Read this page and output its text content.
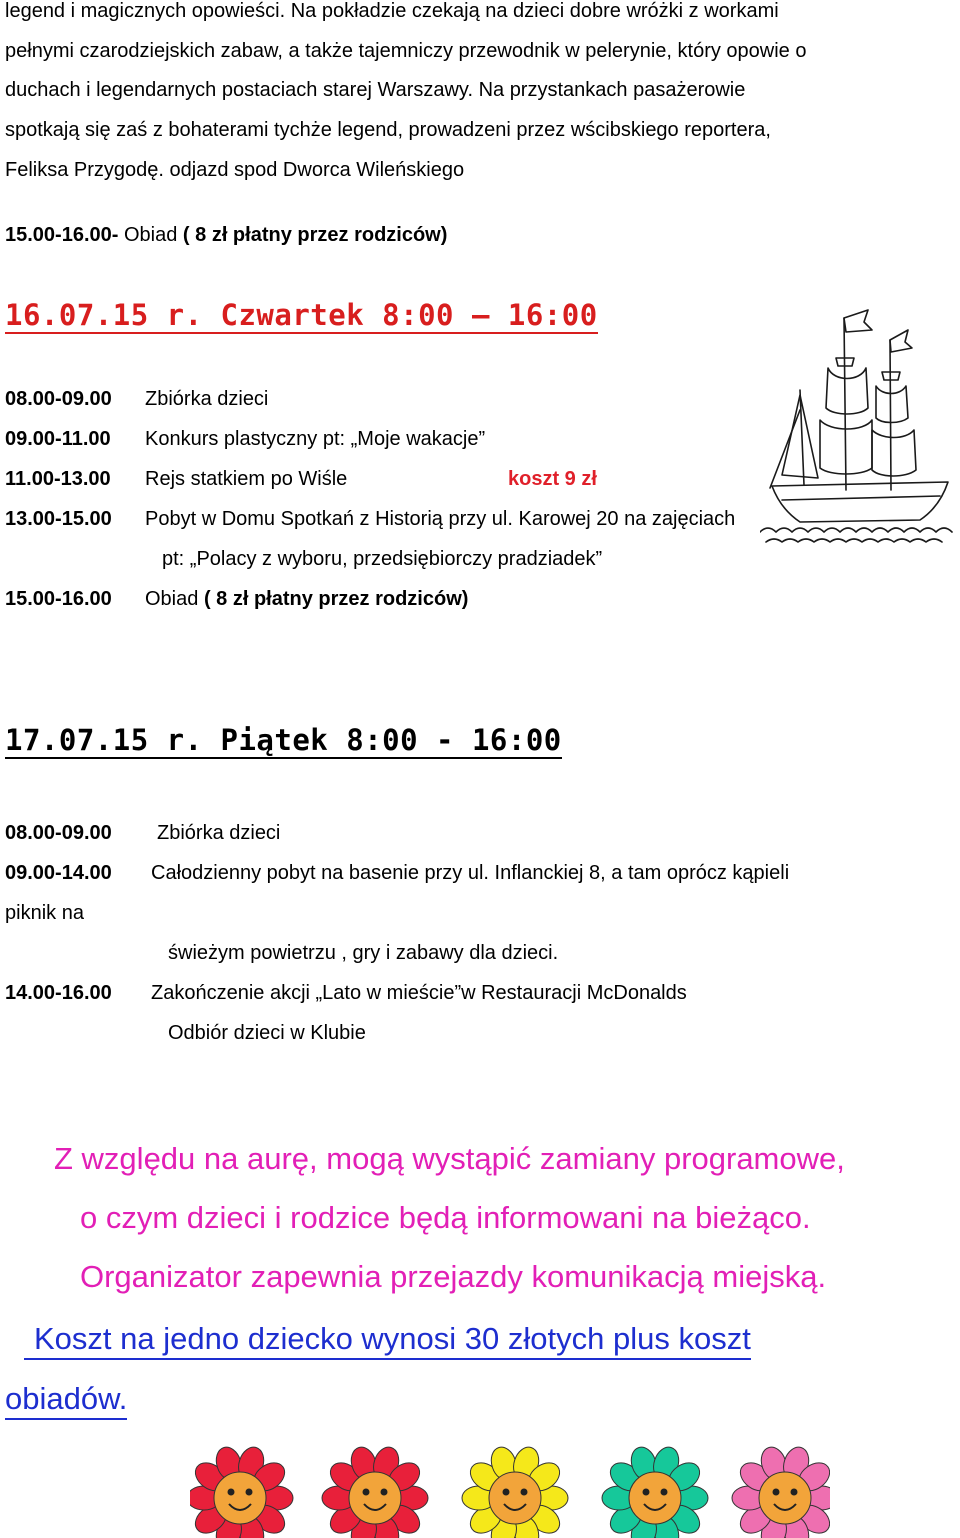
legend i magicznych opowieści. Na pokładzie czekają na dzieci dobre wróżki z workami
pełnymi czarodziejskich zabaw, a także tajemniczy przewodnik w pelerynie, który opowie o
duchach i legendarnych postaciach starej Warszawy. Na przystankach pasażerowie
spotkają się zaś z bohaterami tychże legend, prowadzeni przez wścibskiego reportera,
Feliksa Przygodę. odjazd spod Dworca Wileńskiego
15.00-16.00- Obiad ( 8 zł płatny przez rodziców)
16.07.15 r. Czwartek 8:00 – 16:00
08.00-09.00 Zbiórka dzieci
09.00-11.00 Konkurs plastyczny pt: „Moje wakacje”
11.00-13.00 Rejs statkiem po Wiśle	koszt 9 zł
13.00-15.00 Pobyt w Domu Spotkań z Historią przy ul. Karowej 20 na zajęciach
pt: „Polacy z wyboru, przedsiębiorczy pradziadek”
15.00-16.00 Obiad ( 8 zł płatny przez rodziców)
17.07.15 r. Piątek 8:00 - 16:00
08.00-09.00 Zbiórka dzieci
09.00-14.00 Całodzienny pobyt na basenie przy ul. Inflanckiej 8, a tam oprócz kąpieli
piknik na
świeżym powietrzu , gry i zabawy dla dzieci.
14.00-16.00 Zakończenie akcji „Lato w mieście”w Restauracji McDonalds
Odbiór dzieci w Klubie
Z względu na aurę, mogą wystąpić zamiany programowe,
o czym dzieci i rodzice będą informowani na bieżąco.
Organizator zapewnia przejazdy komunikacją miejską.
Koszt na jedno dziecko wynosi 30 złotych plus koszt
obiadów.
